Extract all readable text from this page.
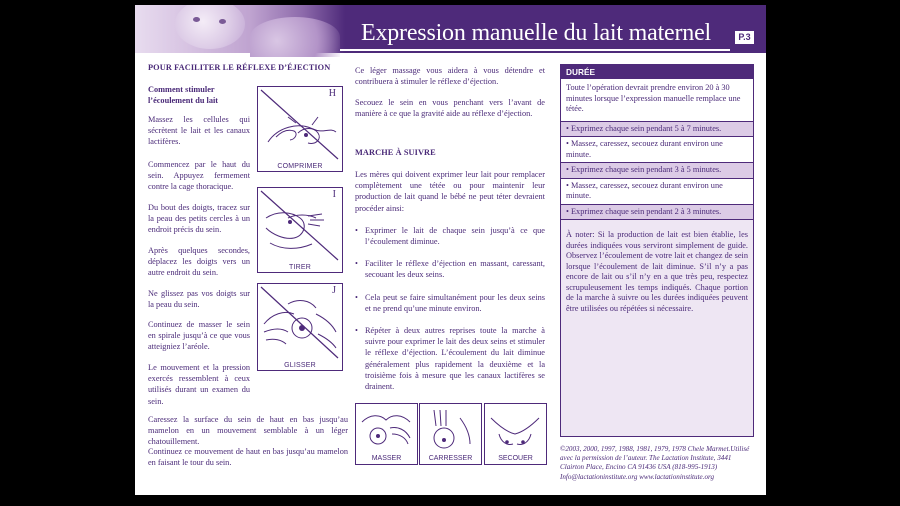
Expression manuelle du lait maternel	P.3
POUR FACILITER LE RÉFLEXE D’ÉJECTION
Comment stimuler
l’écoulement du lait
Massez les cellules qui sécrètent le lait et les canaux lactifères.
Commencez par le haut du sein. Appuyez fermement contre la cage thoracique.
Du bout des doigts, tracez sur la peau des petits cercles à un endroit précis du sein.
Après quelques secondes, déplacez les doigts vers un autre endroit du sein.
Ne glissez pas vos doigts sur la peau du sein.
Continuez de masser le sein en spirale jusqu’à ce que vous atteigniez l’aréole.
Le mouvement et la pression exercés ressemblent à ceux utilisés durant un examen du sein.
Caressez la surface du sein de haut en bas jusqu’au mamelon en un mouvement semblable à un léger chatouillement.
Continuez ce mouvement de haut en bas jusqu’au mamelon en faisant le tour du sein.
H
COMPRIMER
I
TIRER
J
GLISSER
Ce léger massage vous aidera à vous détendre et contribuera à stimuler le réflexe d’éjection.
Secouez le sein en vous penchant vers l’avant de manière à ce que la gravité aide au réflexe d’éjection.
MARCHE À SUIVRE
Les mères qui doivent exprimer leur lait pour remplacer complètement une tétée ou pour maintenir leur production de lait quand le bébé ne peut téter devraient procéder ainsi:
• Exprimer le lait de chaque sein jusqu’à ce que l’écoulement diminue.
• Faciliter le réflexe d’éjection en massant, caressant, secouant les deux seins.
• Cela peut se faire simultanément pour les deux seins et ne prend qu’une minute environ.
• Répéter à deux autres reprises toute la marche à suivre pour exprimer le lait des deux seins et stimuler le réflexe d’éjection. L’écoulement du lait diminue généralement plus rapidement la deuxième et la troisième fois à mesure que les canaux lactifères se drainent.
MASSER	CARRESSER	SECOUER
DURÉE
Toute l’opération devrait prendre environ 20 à 30 minutes lorsque l’expression manuelle remplace une tétée.
• Exprimez chaque sein pendant 5 à 7 minutes.
• Massez, caressez, secouez durant environ une minute.
• Exprimez chaque sein pendant 3 à 5 minutes.
• Massez, caressez, secouez durant environ une minute.
• Exprimez chaque sein pendant 2 à 3 minutes.
À noter: Si la production de lait est bien établie, les durées indiquées vous serviront simplement de guide. Observez l’écoulement de votre lait et changez de sein lorsque l’écoulement de lait diminue. S’il n’y a pas encore de lait ou s’il n’y en a que très peu, respectez scrupuleusement les temps indiqués. Chaque portion de la marche à suivre ou les durées indiquées peuvent être utilisées ou répétées si nécessaire.
©2003, 2000, 1997, 1988, 1981, 1979, 1978 Chele Marmet.Utilisé
avec la permission de l’auteur. The Lactation Institute, 3441
Clairton Place, Encino CA 91436 USA (818-995-1913)
Info@lactationinstitute.org www.lactationinstitute.org
